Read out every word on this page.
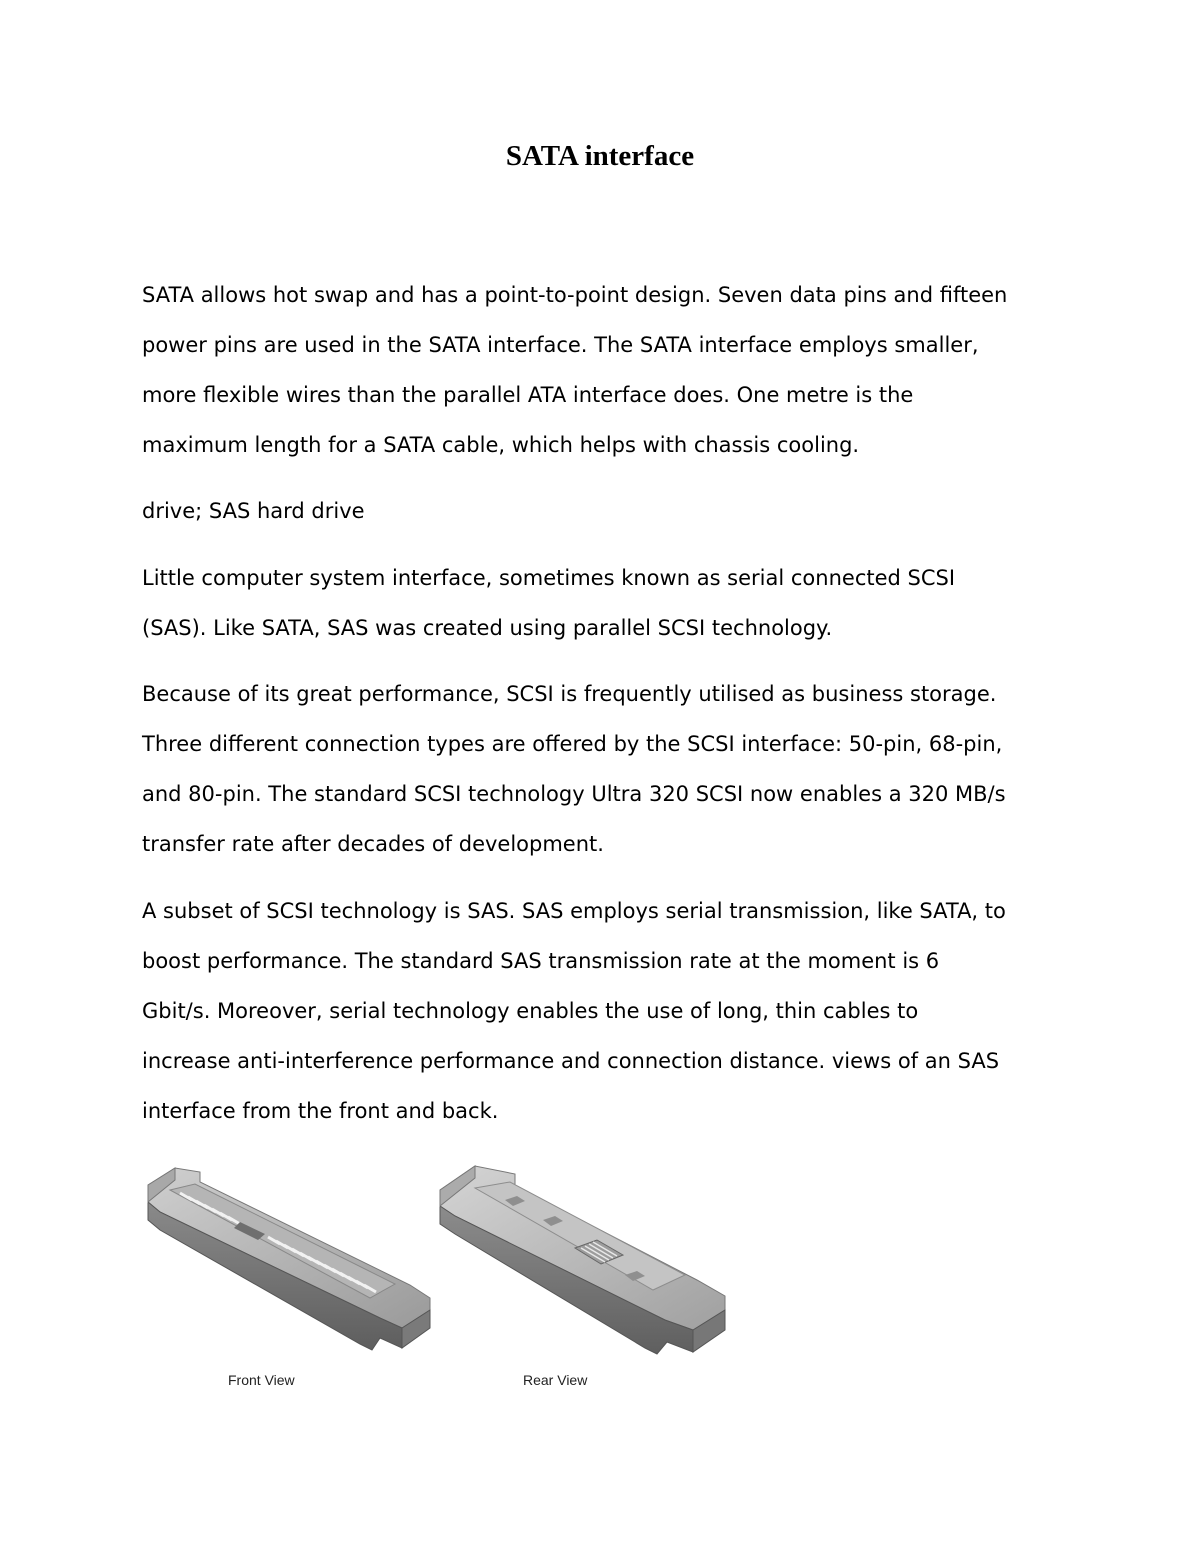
SATA interface

SATA allows hot swap and has a point-to-point design. Seven data pins and fifteen
power pins are used in the SATA interface. The SATA interface employs smaller,
more flexible wires than the parallel ATA interface does. One metre is the
maximum length for a SATA cable, which helps with chassis cooling.

drive; SAS hard drive

Little computer system interface, sometimes known as serial connected SCSI
(SAS). Like SATA, SAS was created using parallel SCSI technology.

Because of its great performance, SCSI is frequently utilised as business storage.
Three different connection types are offered by the SCSI interface: 50-pin, 68-pin,
and 80-pin. The standard SCSI technology Ultra 320 SCSI now enables a 320 MB/s
transfer rate after decades of development.

A subset of SCSI technology is SAS. SAS employs serial transmission, like SATA, to
boost performance. The standard SAS transmission rate at the moment is 6
Gbit/s. Moreover, serial technology enables the use of long, thin cables to
increase anti-interference performance and connection distance. views of an SAS
interface from the front and back.

Front View	Rear View
